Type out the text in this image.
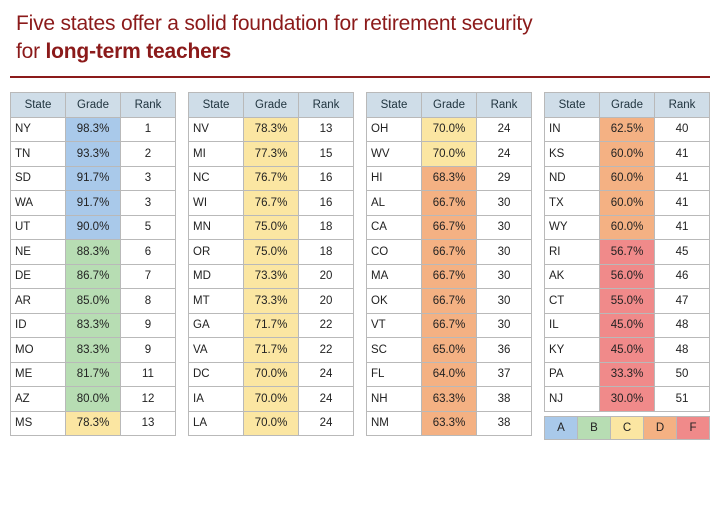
Five states offer a solid foundation for retirement security
for long-term teachers
State	Grade	Rank
NY	98.3%	1
TN	93.3%	2
SD	91.7%	3
WA	91.7%	3
UT	90.0%	5
NE	88.3%	6
DE	86.7%	7
AR	85.0%	8
ID	83.3%	9
MO	83.3%	9
ME	81.7%	11
AZ	80.0%	12
MS	78.3%	13
State	Grade	Rank
NV	78.3%	13
MI	77.3%	15
NC	76.7%	16
WI	76.7%	16
MN	75.0%	18
OR	75.0%	18
MD	73.3%	20
MT	73.3%	20
GA	71.7%	22
VA	71.7%	22
DC	70.0%	24
IA	70.0%	24
LA	70.0%	24
State	Grade	Rank
OH	70.0%	24
WV	70.0%	24
HI	68.3%	29
AL	66.7%	30
CA	66.7%	30
CO	66.7%	30
MA	66.7%	30
OK	66.7%	30
VT	66.7%	30
SC	65.0%	36
FL	64.0%	37
NH	63.3%	38
NM	63.3%	38
State	Grade	Rank
IN	62.5%	40
KS	60.0%	41
ND	60.0%	41
TX	60.0%	41
WY	60.0%	41
RI	56.7%	45
AK	56.0%	46
CT	55.0%	47
IL	45.0%	48
KY	45.0%	48
PA	33.3%	50
NJ	30.0%	51
A	B	C	D	F
